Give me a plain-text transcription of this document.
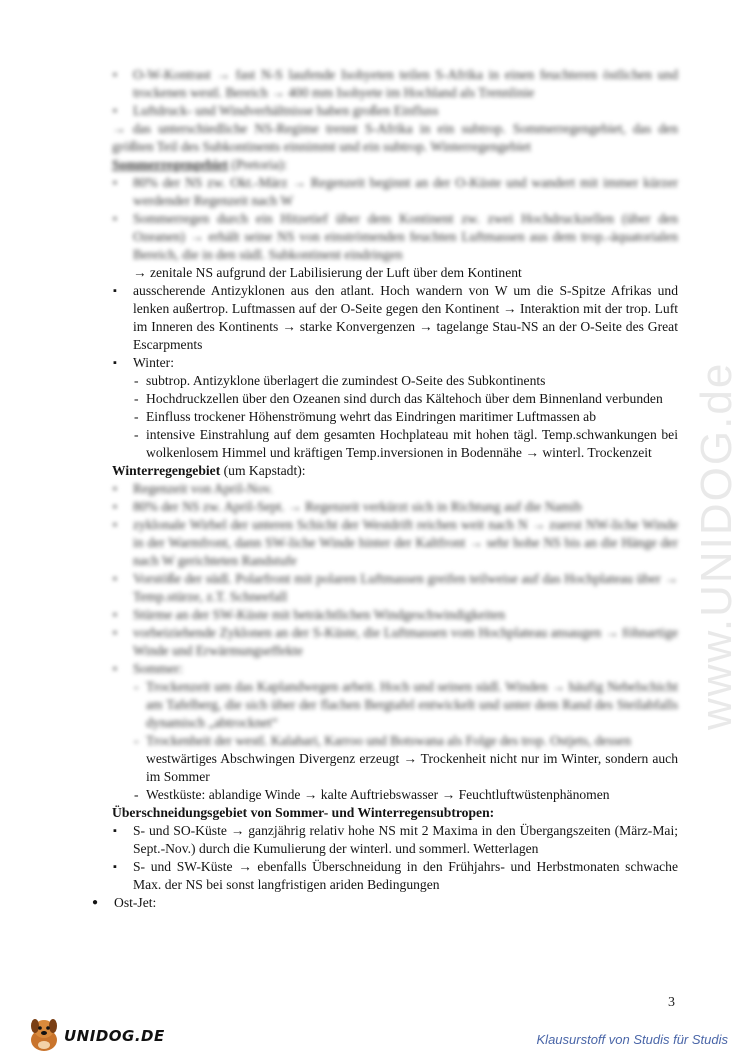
www.UNIDOG.de

▪ O-W-Kontrast → fast N-S laufende Isohyeten teilen S-Afrika in einen feuchteren östlichen und trockenen westl. Bereich → 400 mm Isohyete im Hochland als Trennlinie

▪ Luftdruck- und Windverhältnisse haben großen Einfluss

→ das unterschiedliche NS-Regime trennt S-Afrika in ein subtrop. Sommerregengebiet, das den größten Teil des Subkontinents einnimmt und ein subtrop. Winterregengebiet

Sommerregengebiet (Pretoria):

▪ 80% der NS zw. Okt.-März → Regenzeit beginnt an der O-Küste und wandert mit immer kürzer werdender Regenzeit nach W

▪ Sommerregen durch ein Hitzetief über dem Kontinent zw. zwei Hochdruckzellen (über den Ozeanen) → erhält seine NS von einströmenden feuchten Luftmassen aus dem trop.-äquatorialen Bereich, die in den südl. Subkontinent eindringen

→ zenitale NS aufgrund der Labilisierung der Luft über dem Kontinent

▪ ausscherende Antizyklonen aus den atlant. Hoch wandern von W um die S-Spitze Afrikas und lenken außertrop. Luftmassen auf der O-Seite gegen den Kontinent → Interaktion mit der trop. Luft im Inneren des Kontinents → starke Konvergenzen → tagelange Stau-NS an der O-Seite des Great Escarpments

▪ Winter:

- subtrop. Antizyklone überlagert die zumindest O-Seite des Subkontinents

- Hochdruckzellen über den Ozeanen sind durch das Kältehoch über dem Binnenland verbunden

- Einfluss trockener Höhenströmung wehrt das Eindringen maritimer Luftmassen ab

- intensive Einstrahlung auf dem gesamten Hochplateau mit hohen tägl. Temp.schwankungen bei wolkenlosem Himmel und kräftigen Temp.inversionen in Bodennähe → winterl. Trockenzeit

Winterregengebiet (um Kapstadt):

▪ Regenzeit von April-Nov.

▪ 80% der NS zw. April-Sept. → Regenzeit verkürzt sich in Richtung auf die Namib

▪ zyklonale Wirbel der unteren Schicht der Westdrift reichen weit nach N → zuerst NW-liche Winde in der Warmfront, dann SW-liche Winde hinter der Kaltfront → sehr hohe NS bis an die Hänge der nach W gerichteten Randstufe

▪ Vorstöße der südl. Polarfront mit polaren Luftmassen greifen teilweise auf das Hochplateau über → Temp.stürze, z.T. Schneefall

▪ Stürme an der SW-Küste mit beträchtlichen Windgeschwindigkeiten

▪ vorbeiziehende Zyklonen an der S-Küste, die Luftmassen vom Hochplateau ansaugen → föhnartige Winde und Erwärmungseffekte

▪ Sommer:

- Trockenzeit um das Kaplandwegen arbeit. Hoch und seinen südl. Winden → häufig Nebelschicht am Tafelberg, die sich über der flachen Bergtafel entwickelt und unter dem Rand des Steilabfalls dynamisch „abtrocknet“

- Trockenheit der westl. Kalahari, Karroo und Botswana als Folge des trop. Ostjets, dessen

westwärtiges Abschwingen Divergenz erzeugt → Trockenheit nicht nur im Winter, sondern auch im Sommer

- Westküste: ablandige Winde → kalte Auftriebswasser → Feuchtluftwüstenphänomen

Überschneidungsgebiet von Sommer- und Winterregensubtropen:

▪ S- und SO-Küste → ganzjährig relativ hohe NS mit 2 Maxima in den Übergangszeiten (März-Mai; Sept.-Nov.) durch die Kumulierung der winterl. und sommerl. Wetterlagen

▪ S- und SW-Küste → ebenfalls Überschneidung in den Frühjahrs- und Herbstmonaten schwache Max. der NS bei sonst langfristigen ariden Bedingungen

● Ost-Jet:

3
UNIDOG.DE	Klausurstoff von Studis für Studis
